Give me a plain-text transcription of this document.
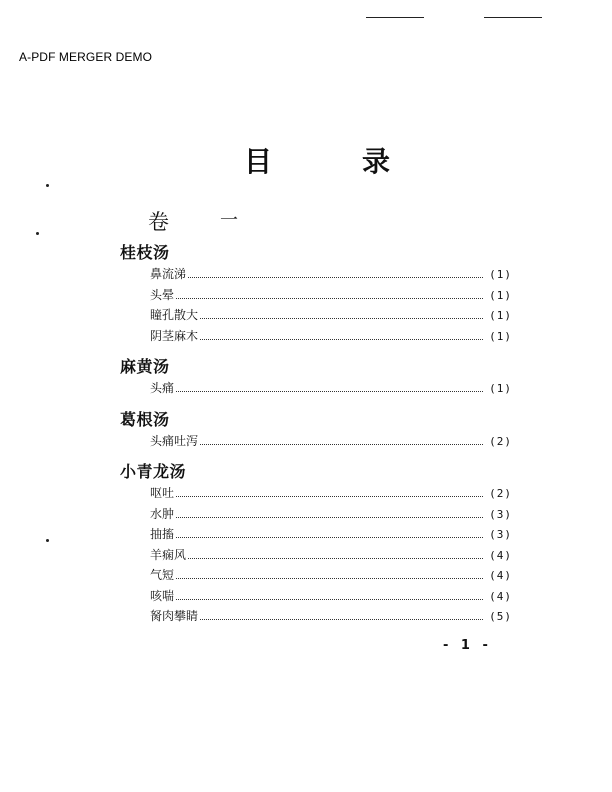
A-PDF MERGER DEMO
目	录
卷	一
桂枝汤
鼻流涕	(1)
头晕	(1)
瞳孔散大	(1)
阴茎麻木	(1)
麻黄汤
头痛	(1)
葛根汤
头痛吐泻	(2)
小青龙汤
呕吐	(2)
水肿	(3)
抽搐	(3)
羊痫风	(4)
气短	(4)
咳喘	(4)
胬肉攀睛	(5)
- 1 -
